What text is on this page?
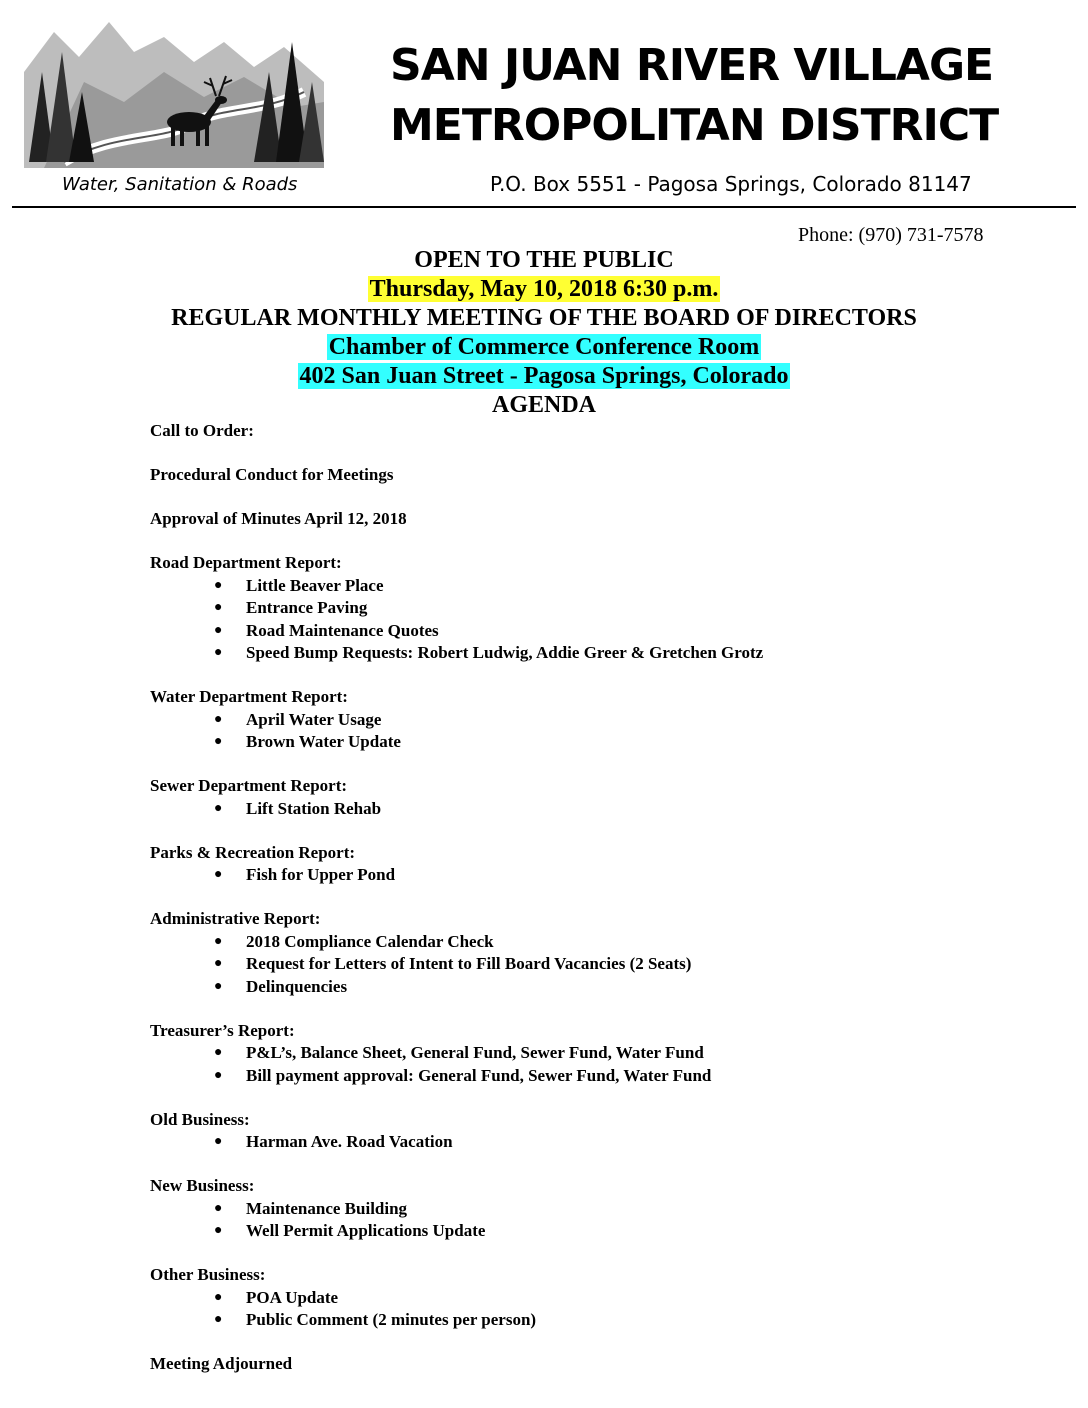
Water, Sanitation & Roads
SAN JUAN RIVER VILLAGE
METROPOLITAN DISTRICT
P.O. Box 5551 - Pagosa Springs, Colorado 81147
Phone: (970) 731-7578
OPEN TO THE PUBLIC
Thursday, May 10, 2018 6:30 p.m.
REGULAR MONTHLY MEETING OF THE BOARD OF DIRECTORS
Chamber of Commerce Conference Room
402 San Juan Street - Pagosa Springs, Colorado
AGENDA
Call to Order:
Procedural Conduct for Meetings
Approval of Minutes April 12, 2018
Road Department Report:
● Little Beaver Place
● Entrance Paving
● Road Maintenance Quotes
● Speed Bump Requests: Robert Ludwig, Addie Greer & Gretchen Grotz
Water Department Report:
● April Water Usage
● Brown Water Update
Sewer Department Report:
● Lift Station Rehab
Parks & Recreation Report:
● Fish for Upper Pond
Administrative Report:
● 2018 Compliance Calendar Check
● Request for Letters of Intent to Fill Board Vacancies (2 Seats)
● Delinquencies
Treasurer’s Report:
● P&L’s, Balance Sheet, General Fund, Sewer Fund, Water Fund
● Bill payment approval: General Fund, Sewer Fund, Water Fund
Old Business:
● Harman Ave. Road Vacation
New Business:
● Maintenance Building
● Well Permit Applications Update
Other Business:
● POA Update
● Public Comment (2 minutes per person)
Meeting Adjourned
